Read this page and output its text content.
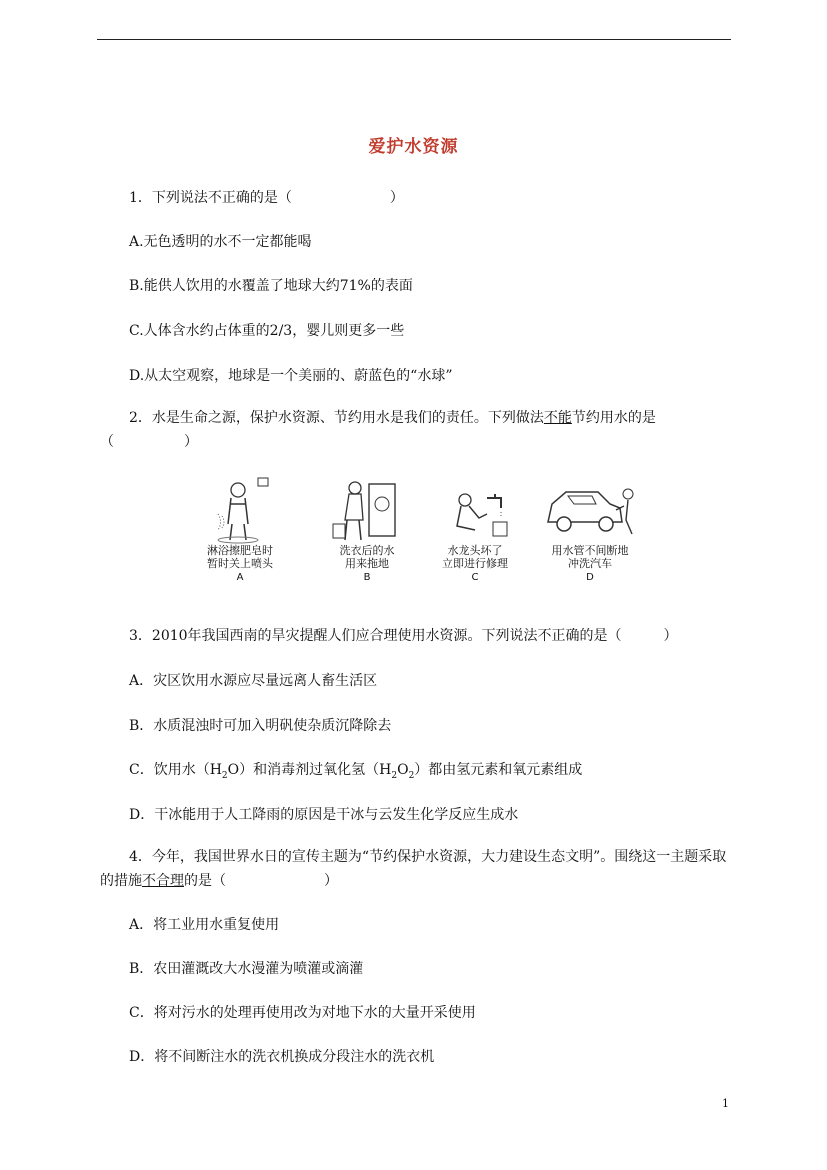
爱护水资源
1．下列说法不正确的是（　　　　　　　）
A.无色透明的水不一定都能喝
B.能供人饮用的水覆盖了地球大约71%的表面
C.人体含水约占体重的2/3，婴儿则更多一些
D.从太空观察，地球是一个美丽的、蔚蓝色的“水球”
2．水是生命之源，保护水资源、节约用水是我们的责任。下列做法不能节约用水的是（　　　　　）
淋浴擦肥皂时
暂时关上喷头
A
洗衣后的水
用来拖地
B
水龙头坏了
立即进行修理
C
用水管不间断地
冲洗汽车
D
3．2010年我国西南的旱灾提醒人们应合理使用水资源。下列说法不正确的是（　　　）
A．灾区饮用水源应尽量远离人畜生活区
B．水质混浊时可加入明矾使杂质沉降除去
C．饮用水$(H_2O)$和消毒剂过氧化氢$(H_2O_2)$都由氢元素和氧元素组成
D．干冰能用于人工降雨的原因是干冰与云发生化学反应生成水
4．今年，我国世界水日的宣传主题为“节约保护水资源，大力建设生态文明”。围绕这一主题采取的措施不合理的是（　　　　　　　）
A．将工业用水重复使用
B．农田灌溉改大水漫灌为喷灌或滴灌
C．将对污水的处理再使用改为对地下水的大量开采使用
D．将不间断注水的洗衣机换成分段注水的洗衣机
1
